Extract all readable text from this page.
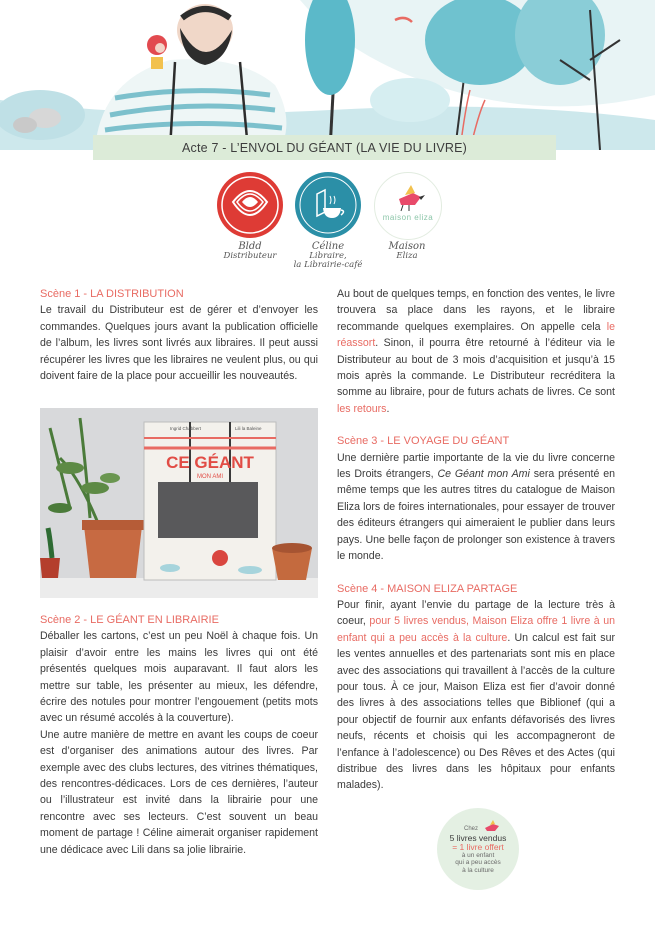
Acte 7 - L’ENVOL DU GÉANT (LA VIE DU LIVRE)
Bldd
Distributeur
Céline
Libraire,
la Librairie-café
maison eliza
Maison
Eliza

Scène 1 - LA DISTRIBUTION

Le travail du Distributeur est de gérer et d’envoyer les commandes. Quelques jours avant la publication officielle de l’album, les livres sont livrés aux libraires. Il peut aussi récupérer les livres que les libraires ne veulent plus, ou qui doivent faire de la place pour accueillir les nouveautés.

CE GÉANT
MON AMI
Ingrid Chabbert	Lili la Baleine

Scène 2 - LE GÉANT EN LIBRAIRIE

Déballer les cartons, c’est un peu Noël à chaque fois. Un plaisir d’avoir entre les mains les livres qui ont été présentés quelques mois auparavant. Il faut alors les mettre sur table, les présenter au mieux, les défendre, écrire des notules pour montrer l’engouement (petits mots avec un résumé accolés à la couverture).

Une autre manière de mettre en avant les coups de coeur est d’organiser des animations autour des livres. Par exemple avec des clubs lectures, des vitrines thématiques, des rencontres-dédicaces. Lors de ces dernières, l’auteur ou l’illustrateur est invité dans la librairie pour une rencontre avec ses lecteurs. C’est souvent un beau moment de partage ! Céline aimerait organiser rapidement une dédicace avec Lili dans sa jolie librairie.

Au bout de quelques temps, en fonction des ventes, le livre trouvera sa place dans les rayons, et le libraire recommande quelques exemplaires. On appelle cela le réassort. Sinon, il pourra être retourné à l’éditeur via le Distributeur au bout de 3 mois d’acquisition et jusqu’à 15 mois après la commande. Le Distributeur recréditera la somme au libraire, pour de futurs achats de livres. Ce sont les retours.

Scène 3 - LE VOYAGE DU GÉANT

Une dernière partie importante de la vie du livre concerne les Droits étrangers, Ce Géant mon Ami sera présenté en même temps que les autres titres du catalogue de Maison Eliza lors de foires internationales, pour essayer de trouver des éditeurs étrangers qui aimeraient le publier dans leurs pays. Une belle façon de prolonger son existence à travers le monde.

Scène 4 - MAISON ELIZA PARTAGE

Pour finir, ayant l’envie du partage de la lecture très à coeur, pour 5 livres vendus, Maison Eliza offre 1 livre à un enfant qui a peu accès à la culture. Un calcul est fait sur les ventes annuelles et des partenariats sont mis en place avec des associations qui travaillent à l’accès de la culture pour tous. À ce jour, Maison Eliza est fier d’avoir donné des livres à des associations telles que Biblionef (qui a pour objectif de fournir aux enfants défavorisés des livres neufs, récents et choisis qui les accompagneront de l’enfance à l’adolescence) ou Des Rêves et des Actes (qui distribue des livres dans les hôpitaux pour enfants malades).

Chez
5 livres vendus
= 1 livre offert
à un enfant
qui a peu accès
à la culture
